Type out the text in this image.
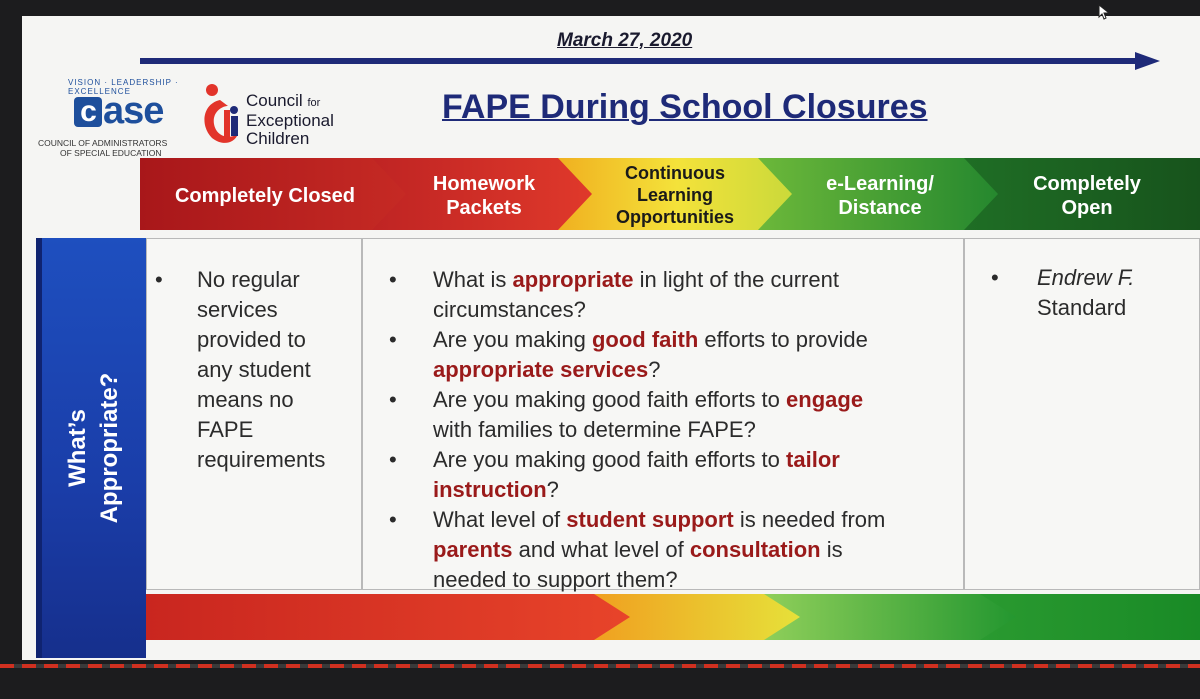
March 27, 2020
VISION · LEADERSHIP · EXCELLENCE
c ase
COUNCIL OF ADMINISTRATORS
OF SPECIAL EDUCATION
Council for
Exceptional
Children
FAPE During School Closures
Completely Closed
Homework
Packets
Continuous
Learning
Opportunities
e-Learning/
Distance
Completely
Open
What’s Appropriate?
• No regular
services
provided to
any student
means no
FAPE
requirements
• What is appropriate in light of the current
circumstances?
• Are you making good faith efforts to provide
appropriate services?
• Are you making good faith efforts to engage
with families to determine FAPE?
• Are you making good faith efforts to tailor
instruction?
• What level of student support is needed from
parents and what level of consultation is
needed to support them?
• Endrew F.
Standard
